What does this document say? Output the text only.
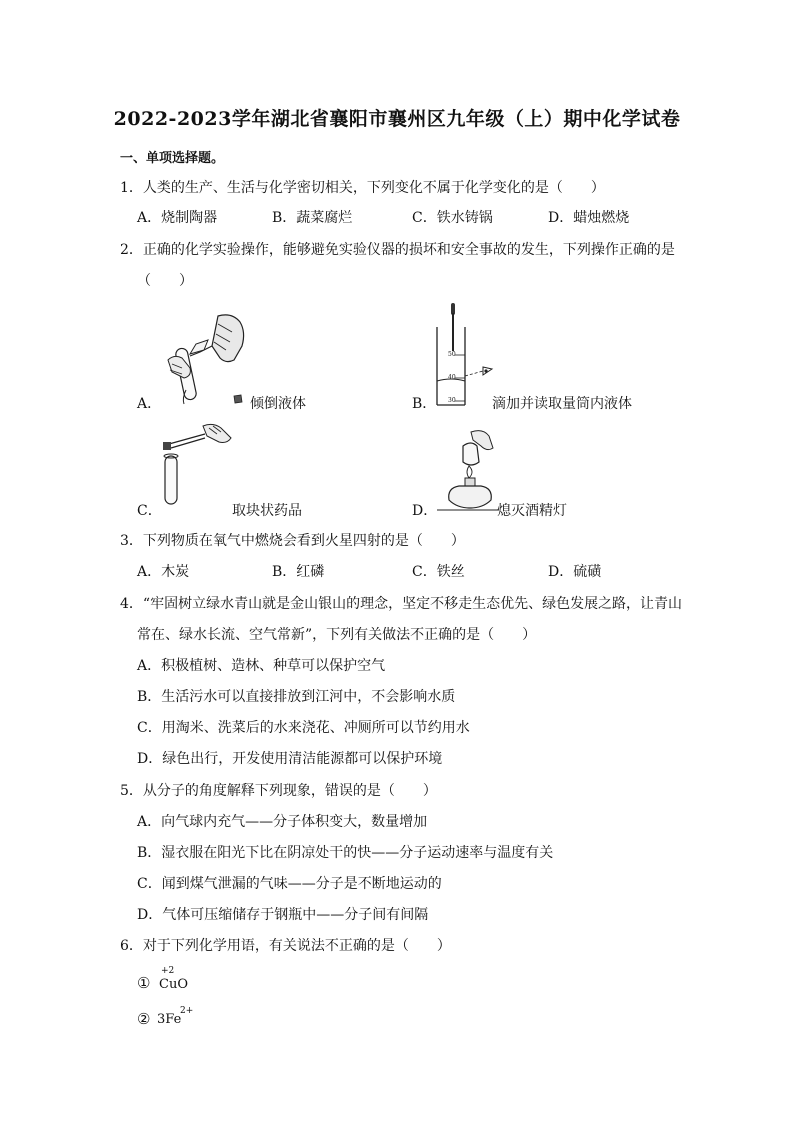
2022-2023学年湖北省襄阳市襄州区九年级（上）期中化学试卷
一、单项选择题。
1．人类的生产、生活与化学密切相关，下列变化不属于化学变化的是（　　）
A．烧制陶器	B．蔬菜腐烂	C．铁水铸锅	D．蜡烛燃烧
2．正确的化学实验操作，能够避免实验仪器的损坏和安全事故的发生，下列操作正确的是
（　　）
A．	倾倒液体
50
40
30
B．	滴加并读取量筒内液体
C．	取块状药品	D．	熄灭酒精灯
3．下列物质在氧气中燃烧会看到火星四射的是（　　）
A．木炭	B．红磷	C．铁丝	D．硫磺
4．“牢固树立绿水青山就是金山银山的理念，坚定不移走生态优先、绿色发展之路，让青山
常在、绿水长流、空气常新”，下列有关做法不正确的是（　　）
A．积极植树、造林、种草可以保护空气
B．生活污水可以直接排放到江河中，不会影响水质
C．用淘米、洗菜后的水来浇花、冲厕所可以节约用水
D．绿色出行，开发使用清洁能源都可以保护环境
5．从分子的角度解释下列现象，错误的是（　　）
A．向气球内充气——分子体积变大，数量增加
B．湿衣服在阳光下比在阴凉处干的快——分子运动速率与温度有关
C．闻到煤气泄漏的气味——分子是不断地运动的
D．气体可压缩储存于钢瓶中——分子间有间隔
6．对于下列化学用语，有关说法不正确的是（　　）
①
+2
CuO
② 3Fe
2+
